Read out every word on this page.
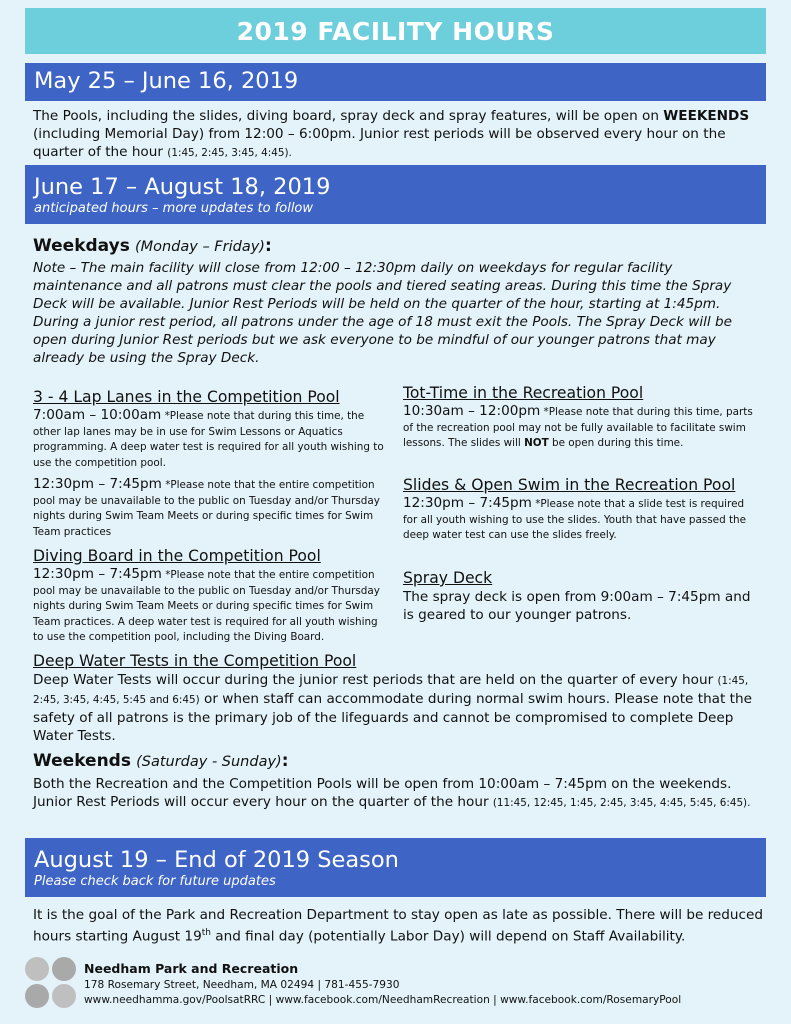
2019 FACILITY HOURS
May 25 – June 16, 2019
The Pools, including the slides, diving board, spray deck and spray features, will be open on WEEKENDS (including Memorial Day) from 12:00 – 6:00pm. Junior rest periods will be observed every hour on the quarter of the hour (1:45, 2:45, 3:45, 4:45).
June 17 – August 18, 2019
anticipated hours – more updates to follow
Weekdays (Monday – Friday):
Note – The main facility will close from 12:00 – 12:30pm daily on weekdays for regular facility maintenance and all patrons must clear the pools and tiered seating areas. During this time the Spray Deck will be available. Junior Rest Periods will be held on the quarter of the hour, starting at 1:45pm. During a junior rest period, all patrons under the age of 18 must exit the Pools. The Spray Deck will be open during Junior Rest periods but we ask everyone to be mindful of our younger patrons that may already be using the Spray Deck.
3 - 4 Lap Lanes in the Competition Pool
7:00am – 10:00am *Please note that during this time, the other lap lanes may be in use for Swim Lessons or Aquatics programming. A deep water test is required for all youth wishing to use the competition pool.
12:30pm – 7:45pm *Please note that the entire competition pool may be unavailable to the public on Tuesday and/or Thursday nights during Swim Team Meets or during specific times for Swim Team practices
Diving Board in the Competition Pool
12:30pm – 7:45pm *Please note that the entire competition pool may be unavailable to the public on Tuesday and/or Thursday nights during Swim Team Meets or during specific times for Swim Team practices. A deep water test is required for all youth wishing to use the competition pool, including the Diving Board.
Tot-Time in the Recreation Pool
10:30am – 12:00pm *Please note that during this time, parts of the recreation pool may not be fully available to facilitate swim lessons. The slides will NOT be open during this time.
Slides & Open Swim in the Recreation Pool
12:30pm – 7:45pm *Please note that a slide test is required for all youth wishing to use the slides. Youth that have passed the deep water test can use the slides freely.
Spray Deck
The spray deck is open from 9:00am – 7:45pm and is geared to our younger patrons.
Deep Water Tests in the Competition Pool
Deep Water Tests will occur during the junior rest periods that are held on the quarter of every hour (1:45, 2:45, 3:45, 4:45, 5:45 and 6:45) or when staff can accommodate during normal swim hours. Please note that the safety of all patrons is the primary job of the lifeguards and cannot be compromised to complete Deep Water Tests.
Weekends (Saturday - Sunday):
Both the Recreation and the Competition Pools will be open from 10:00am – 7:45pm on the weekends. Junior Rest Periods will occur every hour on the quarter of the hour (11:45, 12:45, 1:45, 2:45, 3:45, 4:45, 5:45, 6:45).
August 19 – End of 2019 Season
Please check back for future updates
It is the goal of the Park and Recreation Department to stay open as late as possible. There will be reduced hours starting August 19th and final day (potentially Labor Day) will depend on Staff Availability.
Needham Park and Recreation
178 Rosemary Street, Needham, MA 02494 | 781-455-7930
www.needhamma.gov/PoolsatRRC | www.facebook.com/NeedhamRecreation | www.facebook.com/RosemaryPool
